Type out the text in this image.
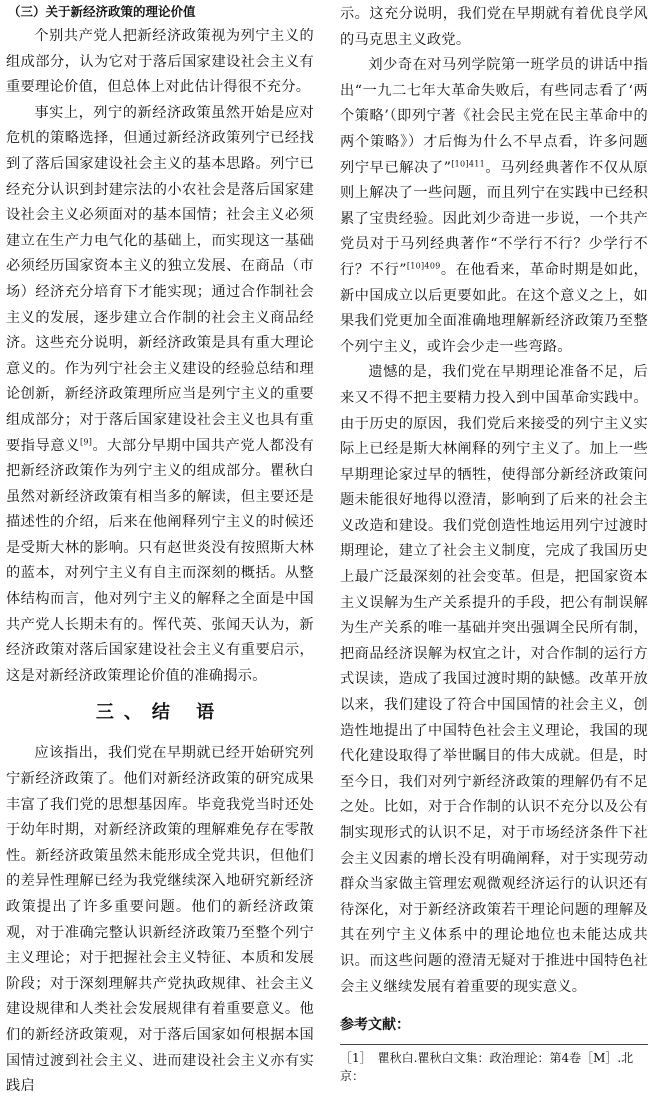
（三）关于新经济政策的理论价值

个别共产党人把新经济政策视为列宁主义的组成部分，认为它对于落后国家建设社会主义有重要理论价值，但总体上对此估计得很不充分。

事实上，列宁的新经济政策虽然开始是应对危机的策略选择，但通过新经济政策列宁已经找到了落后国家建设社会主义的基本思路。列宁已经充分认识到封建宗法的小农社会是落后国家建设社会主义必须面对的基本国情；社会主义必须建立在生产力电气化的基础上，而实现这一基础必须经历国家资本主义的独立发展、在商品（市场）经济充分培育下才能实现；通过合作制社会主义的发展，逐步建立合作制的社会主义商品经济。这些充分说明，新经济政策是具有重大理论意义的。作为列宁社会主义建设的经验总结和理论创新，新经济政策理所应当是列宁主义的重要组成部分；对于落后国家建设社会主义也具有重要指导意义[9]。大部分早期中国共产党人都没有把新经济政策作为列宁主义的组成部分。瞿秋白虽然对新经济政策有相当多的解读，但主要还是描述性的介绍，后来在他阐释列宁主义的时候还是受斯大林的影响。只有赵世炎没有按照斯大林的蓝本，对列宁主义有自主而深刻的概括。从整体结构而言，他对列宁主义的解释之全面是中国共产党人长期未有的。恽代英、张闻天认为，新经济政策对落后国家建设社会主义有重要启示，这是对新经济政策理论价值的准确揭示。

三、结 语

应该指出，我们党在早期就已经开始研究列宁新经济政策了。他们对新经济政策的研究成果丰富了我们党的思想基因库。毕竟我党当时还处于幼年时期，对新经济政策的理解难免存在零散性。新经济政策虽然未能形成全党共识，但他们的差异性理解已经为我党继续深入地研究新经济政策提出了许多重要问题。他们的新经济政策观，对于准确完整认识新经济政策乃至整个列宁主义理论；对于把握社会主义特征、本质和发展阶段；对于深刻理解共产党执政规律、社会主义建设规律和人类社会发展规律有着重要意义。他们的新经济政策观，对于落后国家如何根据本国国情过渡到社会主义、进而建设社会主义亦有实践启

示。这充分说明，我们党在早期就有着优良学风的马克思主义政党。

刘少奇在对马列学院第一班学员的讲话中指出“一九二七年大革命失败后，有些同志看了‘两个策略’（即列宁著《社会民主党在民主革命中的两个策略》）才后悔为什么不早点看，许多问题列宁早已解决了”$^{[10]411}$。马列经典著作不仅从原则上解决了一些问题，而且列宁在实践中已经积累了宝贵经验。因此刘少奇进一步说，一个共产党员对于马列经典著作“不学行不行？少学行不行？不行”$^{[10]409}$。在他看来，革命时期是如此，新中国成立以后更要如此。在这个意义之上，如果我们党更加全面准确地理解新经济政策乃至整个列宁主义，或许会少走一些弯路。

遗憾的是，我们党在早期理论准备不足，后来又不得不把主要精力投入到中国革命实践中。由于历史的原因，我们党后来接受的列宁主义实际上已经是斯大林阐释的列宁主义了。加上一些早期理论家过早的牺牲，使得部分新经济政策问题未能很好地得以澄清，影响到了后来的社会主义改造和建设。我们党创造性地运用列宁过渡时期理论，建立了社会主义制度，完成了我国历史上最广泛最深刻的社会变革。但是，把国家资本主义误解为生产关系提升的手段，把公有制误解为生产关系的唯一基础并突出强调全民所有制，把商品经济误解为权宜之计，对合作制的运行方式误读，造成了我国过渡时期的缺憾。改革开放以来，我们建设了符合中国国情的社会主义，创造性地提出了中国特色社会主义理论，我国的现代化建设取得了举世瞩目的伟大成就。但是，时至今日，我们对列宁新经济政策的理解仍有不足之处。比如，对于合作制的认识不充分以及公有制实现形式的认识不足，对于市场经济条件下社会主义因素的增长没有明确阐释，对于实现劳动群众当家做主管理宏观微观经济运行的认识还有待深化，对于新经济政策若干理论问题的理解及其在列宁主义体系中的理论地位也未能达成共识。而这些问题的澄清无疑对于推进中国特色社会主义继续发展有着重要的现实意义。

参考文献：
［1］　瞿秋白.瞿秋白文集：政治理论：第4卷［M］.北京：
